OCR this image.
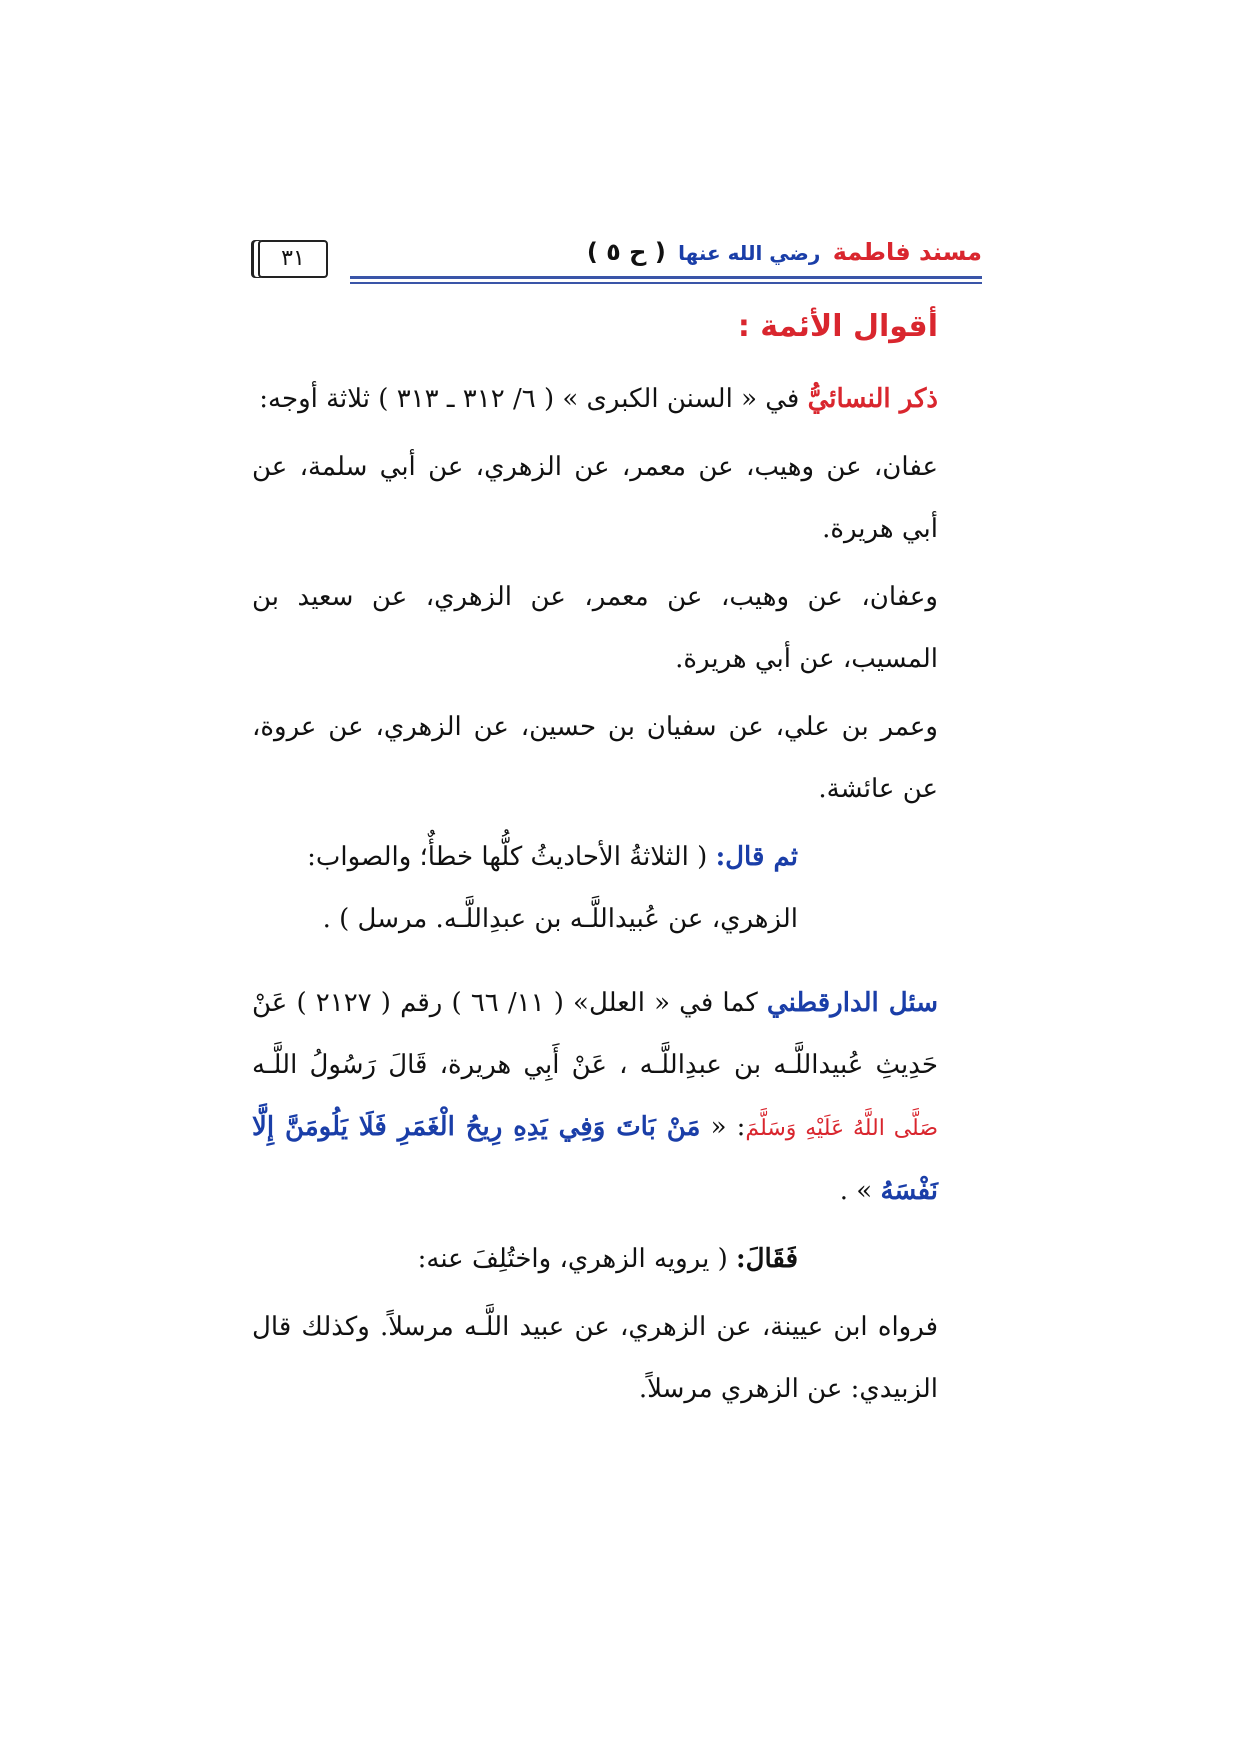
٣١	مسند فاطمة رضي الله عنها ( ح ٥ )
أقوال الأئمة :

ذكر النسائيُّ في « السنن الكبرى » ( ٦/ ٣١٢ ـ ٣١٣ ) ثلاثة أوجه:

عفان، عن وهيب، عن معمر، عن الزهري، عن أبي سلمة، عن أبي هريرة.

وعفان، عن وهيب، عن معمر، عن الزهري، عن سعيد بن المسيب، عن أبي هريرة.

وعمر بن علي، عن سفيان بن حسين، عن الزهري، عن عروة، عن عائشة.

ثم قال: ( الثلاثةُ الأحاديثُ كلُّها خطأٌ؛ والصواب:

الزهري، عن عُبيداللَّـه بن عبدِاللَّـه. مرسل ) .

سئل الدارقطني كما في « العلل» ( ١١/ ٦٦ ) رقم ( ٢١٢٧ ) عَنْ حَدِيثِ عُبيداللَّـه بن عبدِاللَّـه ، عَنْ أَبِي هريرة، قَالَ رَسُولُ اللَّـه صَلَّى اللَّهُ عَلَيْهِ وَسَلَّمَ: « مَنْ بَاتَ وَفِي يَدِهِ رِيحُ الْغَمَرِ فَلَا يَلُومَنَّ إِلَّا نَفْسَهُ » .

فَقَالَ: ( يرويه الزهري، واختُلِفَ عنه:

فرواه ابن عيينة، عن الزهري، عن عبيد اللَّـه مرسلاً. وكذلك قال الزبيدي: عن الزهري مرسلاً.
